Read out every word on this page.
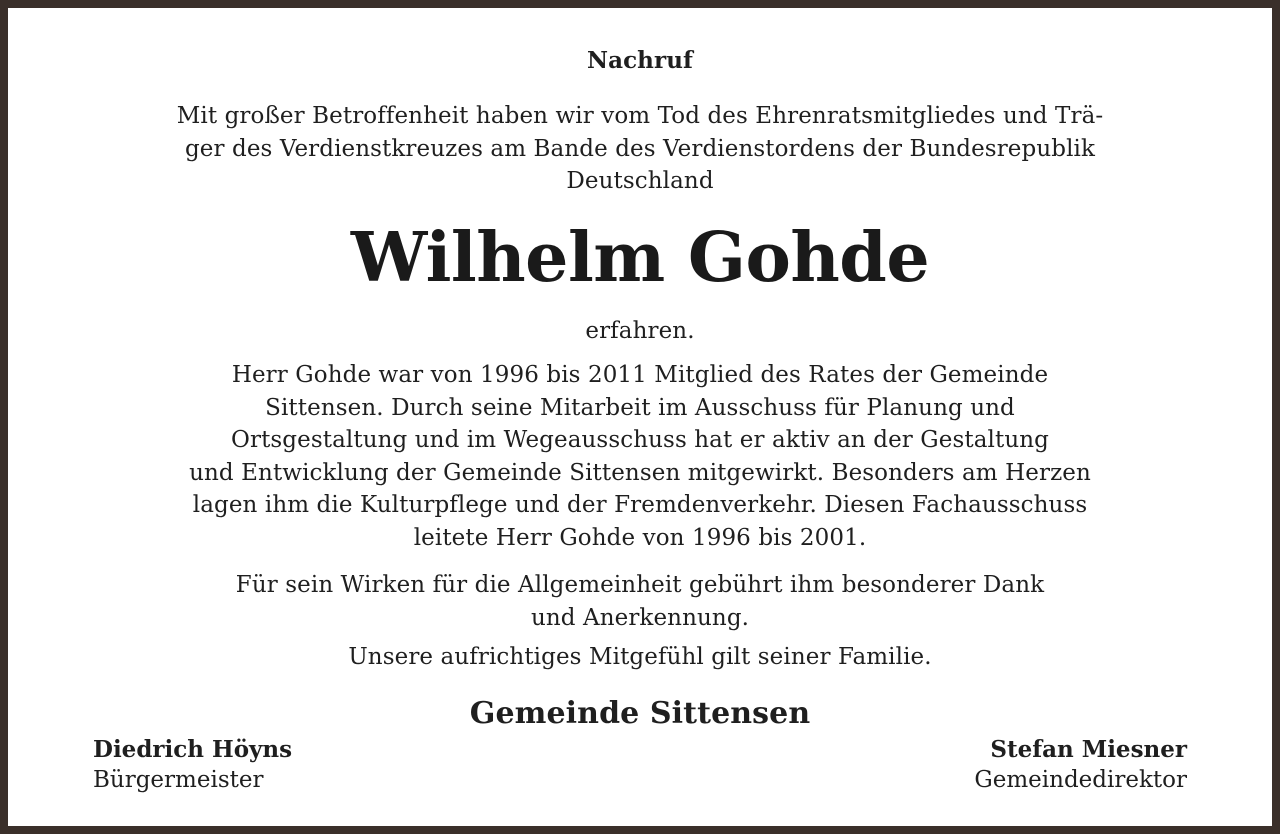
Nachruf
Mit großer Betroffenheit haben wir vom Tod des Ehrenratsmitgliedes und Trä-
ger des Verdienstkreuzes am Bande des Verdienstordens der Bundesrepublik
Deutschland
Wilhelm Gohde
erfahren.
Herr Gohde war von 1996 bis 2011 Mitglied des Rates der Gemeinde
Sittensen. Durch seine Mitarbeit im Ausschuss für Planung und
Ortsgestaltung und im Wegeausschuss hat er aktiv an der Gestaltung
und Entwicklung der Gemeinde Sittensen mitgewirkt. Besonders am Herzen
lagen ihm die Kulturpflege und der Fremdenverkehr. Diesen Fachausschuss
leitete Herr Gohde von 1996 bis 2001.
Für sein Wirken für die Allgemeinheit gebührt ihm besonderer Dank
und Anerkennung.
Unsere aufrichtiges Mitgefühl gilt seiner Familie.
Gemeinde Sittensen
Diedrich Höyns
Bürgermeister
Stefan Miesner
Gemeindedirektor
